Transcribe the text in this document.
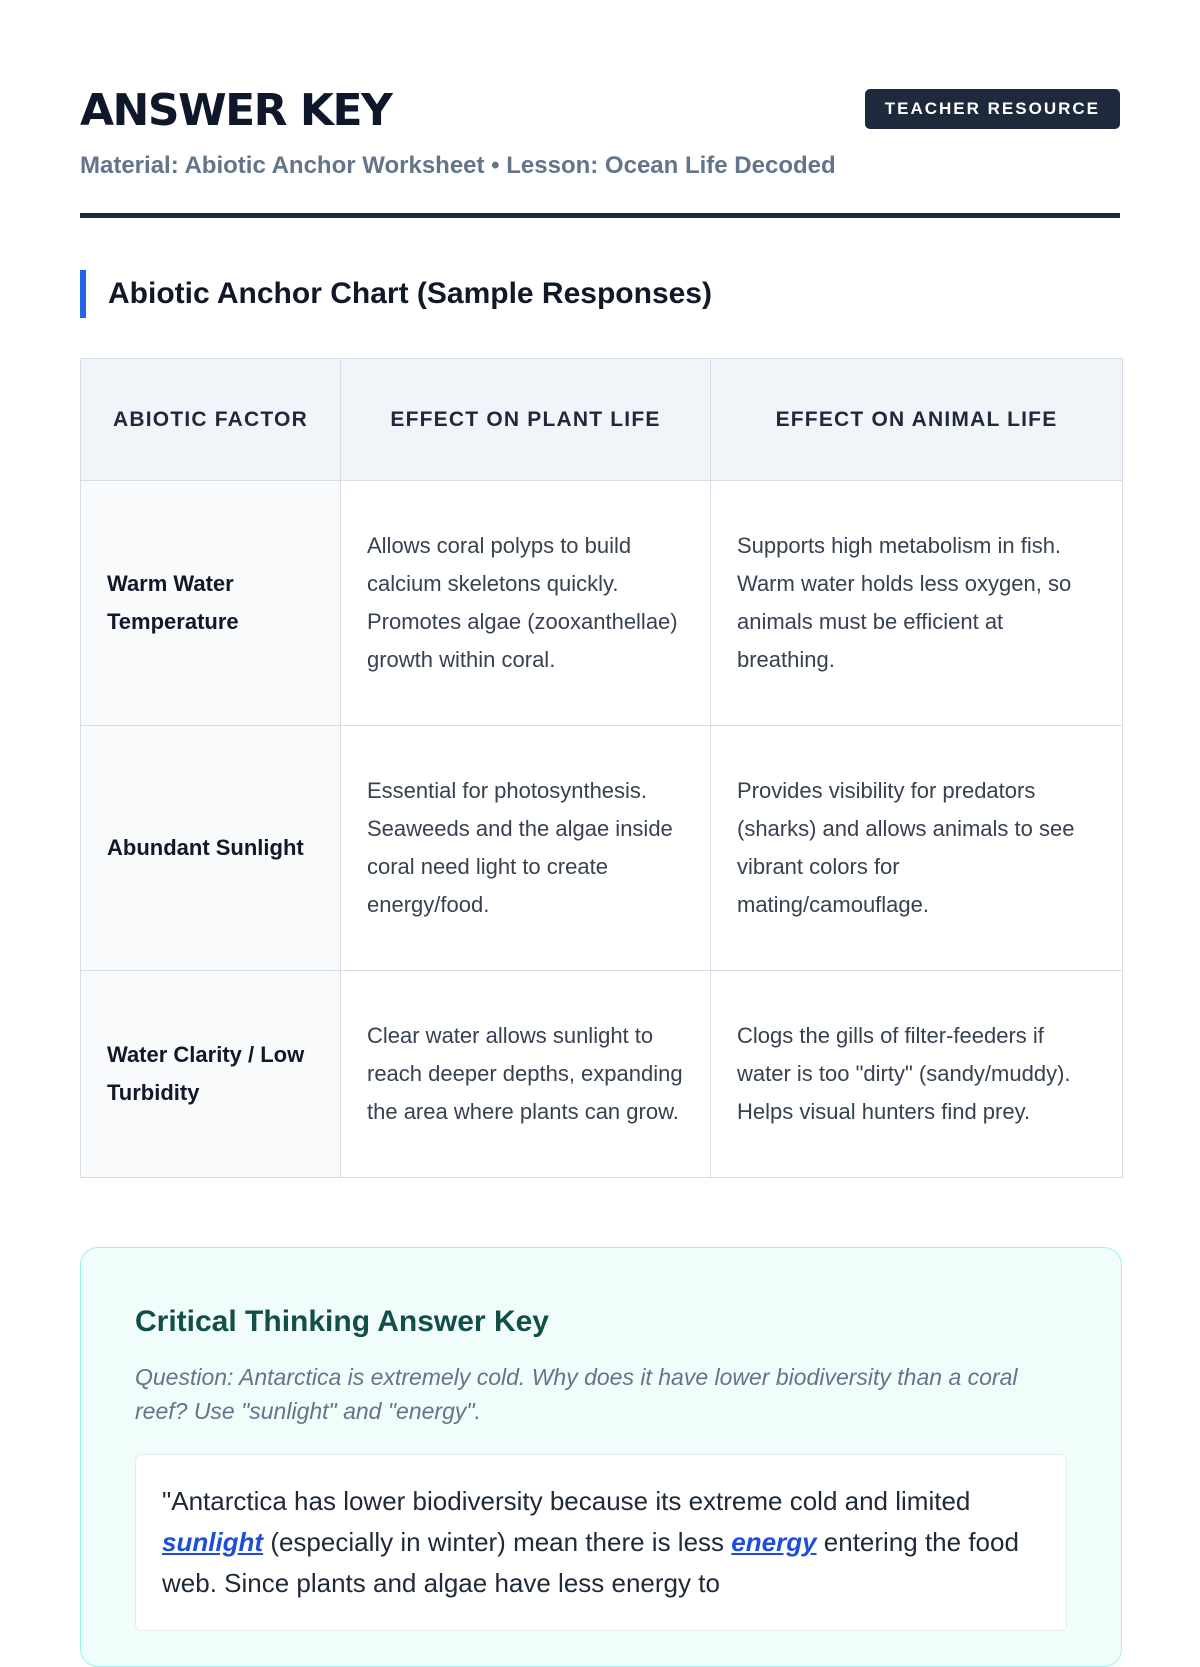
ANSWER KEY	TEACHER RESOURCE
Material: Abiotic Anchor Worksheet • Lesson: Ocean Life Decoded
Abiotic Anchor Chart (Sample Responses)
ABIOTIC FACTOR	EFFECT ON PLANT LIFE	EFFECT ON ANIMAL LIFE
Warm Water Temperature	Allows coral polyps to build calcium skeletons quickly. Promotes algae (zooxanthellae) growth within coral.	Supports high metabolism in fish. Warm water holds less oxygen, so animals must be efficient at breathing.
Abundant Sunlight	Essential for photosynthesis. Seaweeds and the algae inside coral need light to create energy/food.	Provides visibility for predators (sharks) and allows animals to see vibrant colors for mating/camouflage.
Water Clarity / Low Turbidity	Clear water allows sunlight to reach deeper depths, expanding the area where plants can grow.	Clogs the gills of filter-feeders if water is too "dirty" (sandy/muddy). Helps visual hunters find prey.
Critical Thinking Answer Key
Question: Antarctica is extremely cold. Why does it have lower biodiversity than a coral reef? Use "sunlight" and "energy".
"Antarctica has lower biodiversity because its extreme cold and limited sunlight (especially in winter) mean there is less energy entering the food web. Since plants and algae have less energy to
